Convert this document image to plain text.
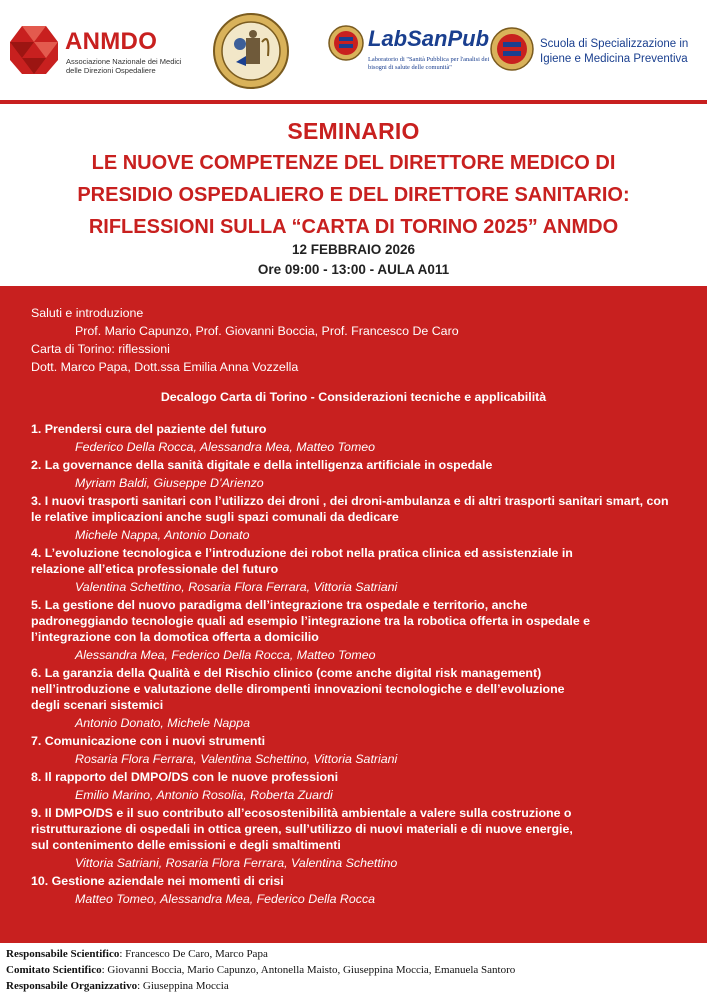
ANMDO
Associazione Nazionale dei Medici delle Direzioni Ospedaliere
LabSanPub
Laboratorio di "Sanità Pubblica per l'analisi dei bisogni di salute delle comunità"
Scuola di Specializzazione in Igiene e Medicina Preventiva
SEMINARIO
LE NUOVE COMPETENZE DEL DIRETTORE MEDICO DI
PRESIDIO OSPEDALIERO E DEL DIRETTORE SANITARIO:
RIFLESSIONI SULLA “CARTA DI TORINO 2025” ANMDO
12 FEBBRAIO 2026
Ore 09:00 - 13:00 - AULA A011
Saluti e introduzione
Prof. Mario Capunzo, Prof. Giovanni Boccia, Prof. Francesco De Caro
Carta di Torino: riflessioni
Dott. Marco Papa, Dott.ssa Emilia Anna Vozzella
Decalogo Carta di Torino - Considerazioni tecniche e applicabilità
1. Prendersi cura del paziente del futuro
Federico Della Rocca, Alessandra Mea, Matteo Tomeo
2. La governance della sanità digitale e della intelligenza artificiale in ospedale
Myriam Baldi, Giuseppe D’Arienzo
3. I nuovi trasporti sanitari con l’utilizzo dei droni , dei droni-ambulanza e di altri trasporti sanitari smart, con
le relative implicazioni anche sugli spazi comunali da dedicare
Michele Nappa, Antonio Donato
4. L’evoluzione tecnologica e l’introduzione dei robot nella pratica clinica ed assistenziale in
relazione all’etica professionale del futuro
Valentina Schettino, Rosaria Flora Ferrara, Vittoria Satriani
5. La gestione del nuovo paradigma dell’integrazione tra ospedale e territorio, anche
padroneggiando tecnologie quali ad esempio l’integrazione tra la robotica offerta in ospedale e
l’integrazione con la domotica offerta a domicilio
Alessandra Mea, Federico Della Rocca, Matteo Tomeo
6. La garanzia della Qualità e del Rischio clinico (come anche digital risk management)
nell’introduzione e valutazione delle dirompenti innovazioni tecnologiche e dell’evoluzione
degli scenari sistemici
Antonio Donato, Michele Nappa
7. Comunicazione con i nuovi strumenti
Rosaria Flora Ferrara, Valentina Schettino, Vittoria Satriani
8. Il rapporto del DMPO/DS con le nuove professioni
Emilio Marino, Antonio Rosolia, Roberta Zuardi
9. Il DMPO/DS e il suo contributo all’ecosostenibilità ambientale a valere sulla costruzione o
ristrutturazione di ospedali in ottica green, sull’utilizzo di nuovi materiali e di nuove energie,
sul contenimento delle emissioni e degli smaltimenti
Vittoria Satriani, Rosaria Flora Ferrara, Valentina Schettino
10. Gestione aziendale nei momenti di crisi
Matteo Tomeo, Alessandra Mea, Federico Della Rocca
Responsabile Scientifico: Francesco De Caro, Marco Papa
Comitato Scientifico: Giovanni Boccia, Mario Capunzo, Antonella Maisto, Giuseppina Moccia, Emanuela Santoro
Responsabile Organizzativo: Giuseppina Moccia
